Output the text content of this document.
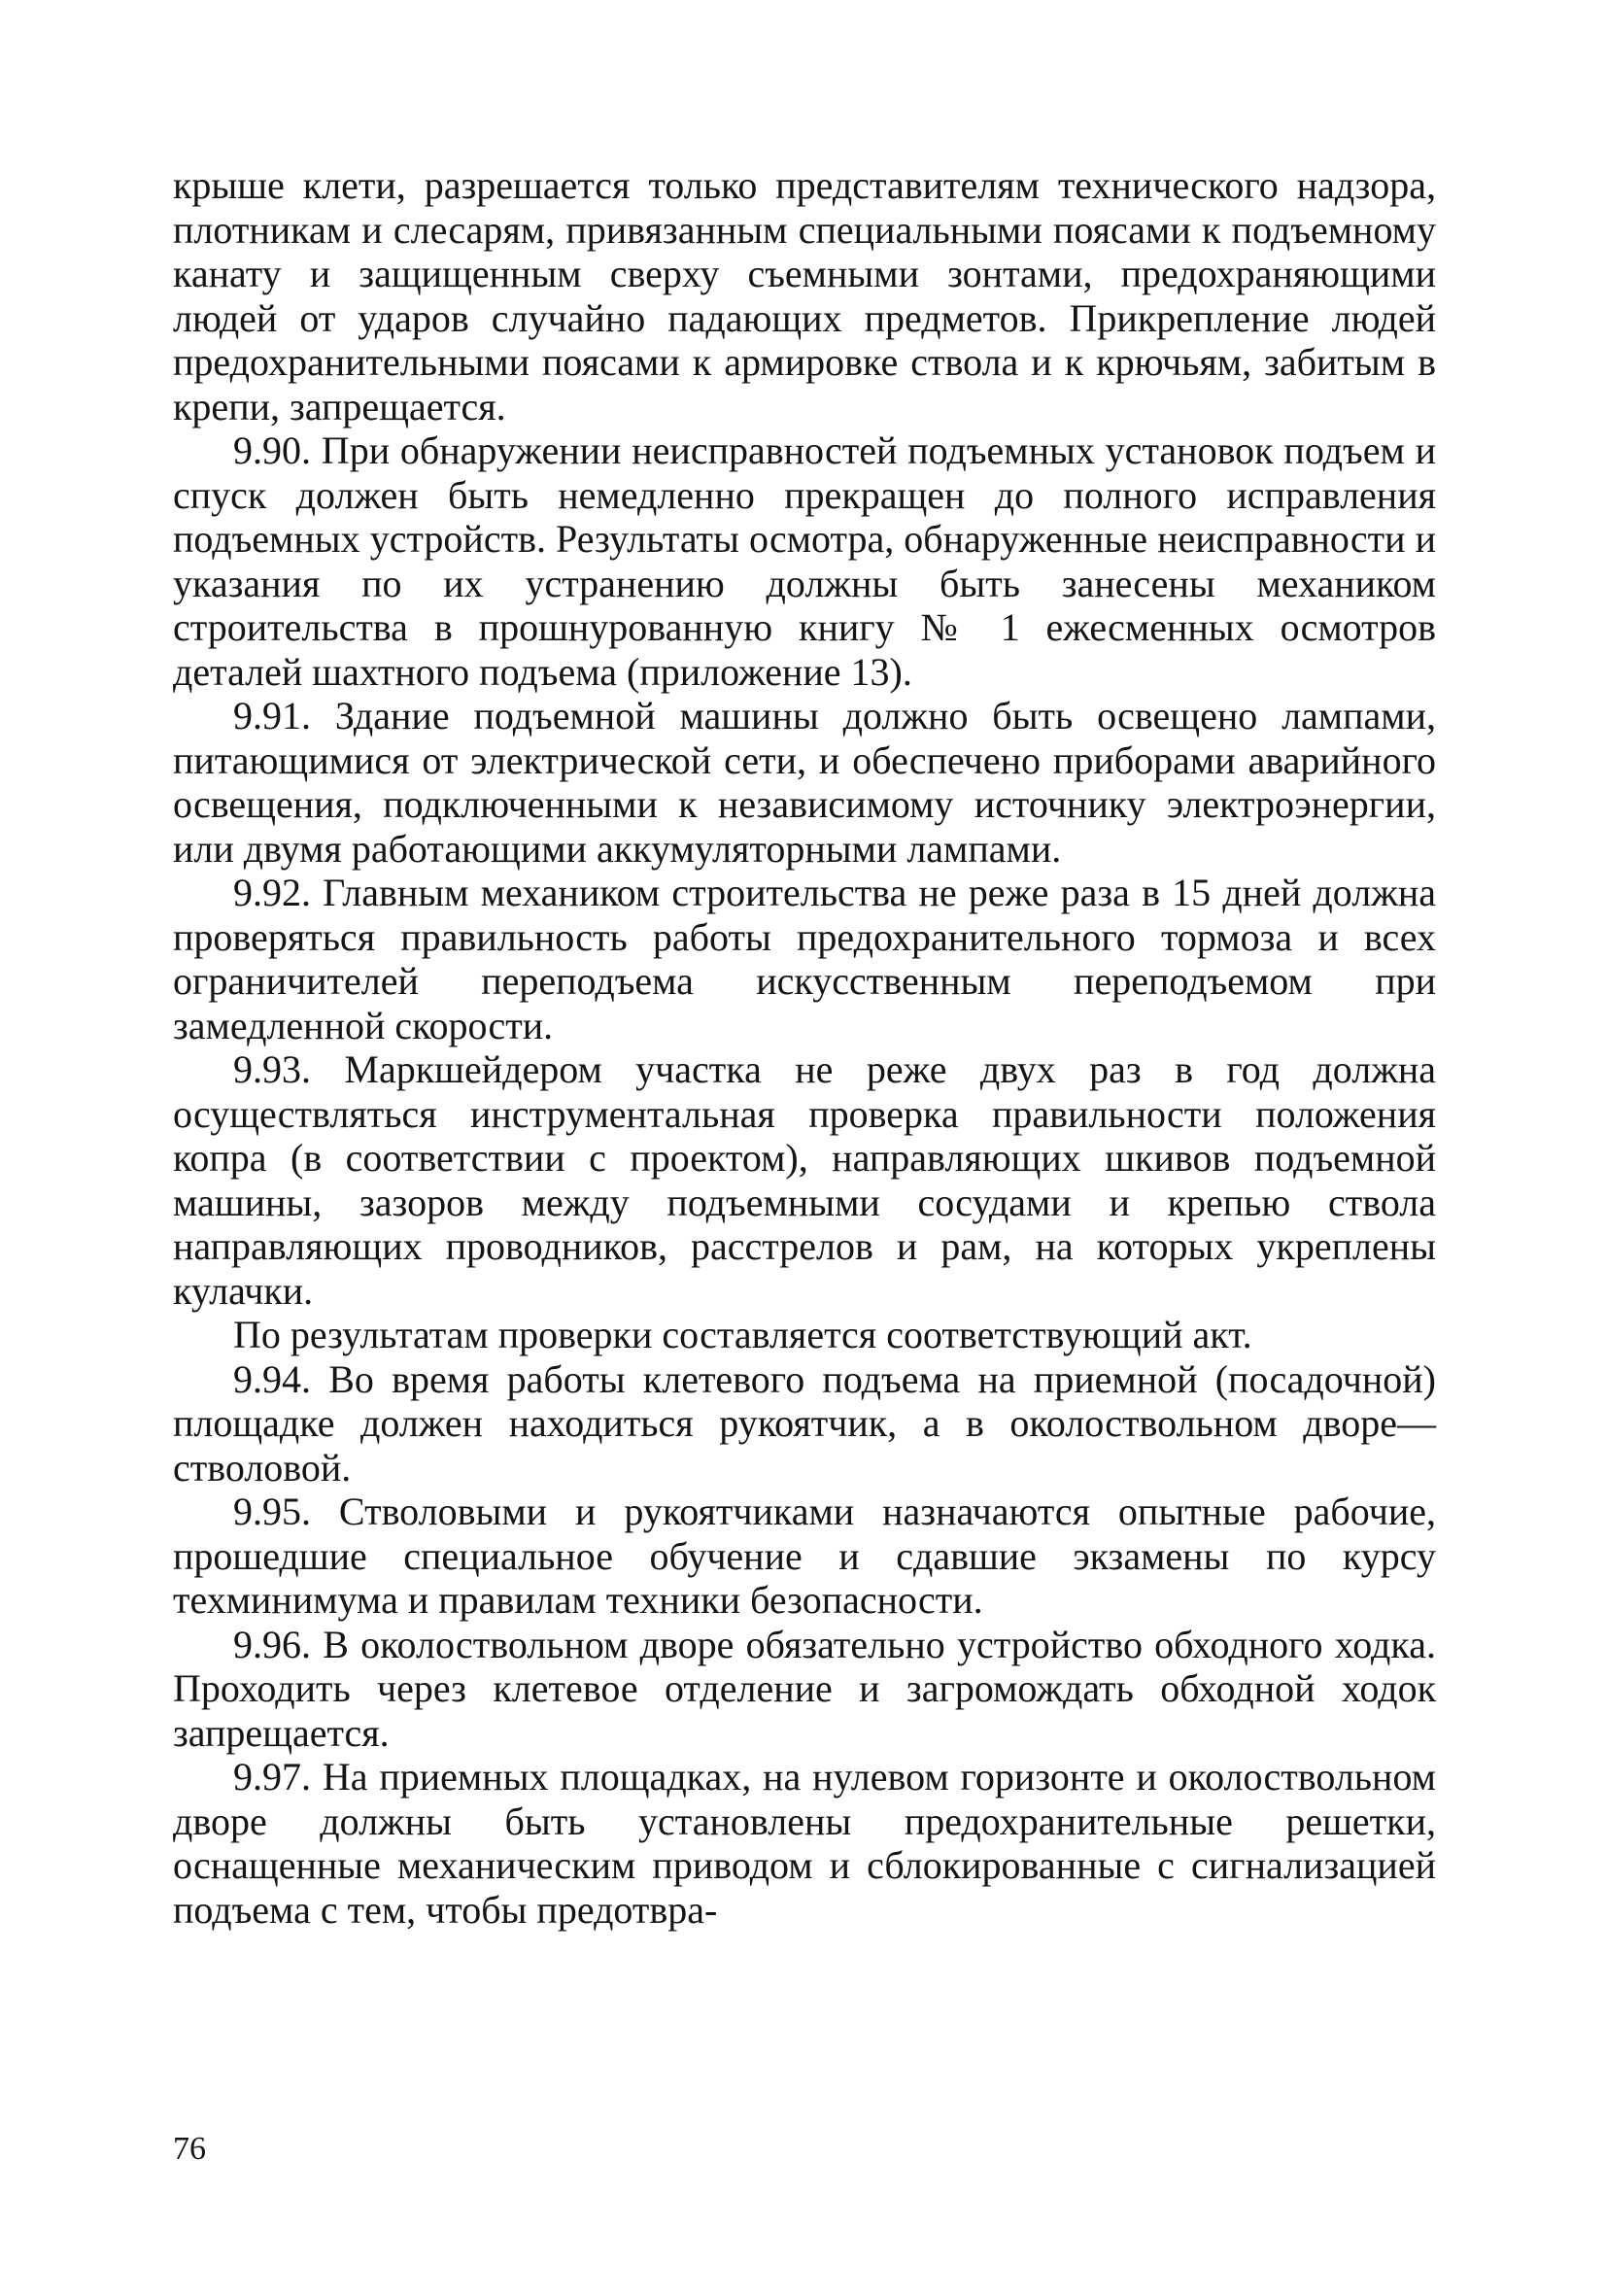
крыше клети, разрешается только представителям технического надзора, плотникам и слесарям, привязанным специальными поясами к подъемному канату и защищенным сверху съемными зонтами, предохраняющими людей от ударов случайно падающих предметов. Прикрепление людей предохранительными поясами к армировке ствола и к крючьям, забитым в крепи, запрещается.

9.90. При обнаружении неисправностей подъемных установок подъем и спуск должен быть немедленно прекращен до полного исправления подъемных устройств. Результаты осмотра, обнаруженные неисправности и указания по их устранению должны быть занесены механиком строительства в прошнурованную книгу № 1 ежесменных осмотров деталей шахтного подъема (приложение 13).

9.91. Здание подъемной машины должно быть освещено лампами, питающимися от электрической сети, и обеспечено приборами аварийного освещения, подключенными к независимому источнику электроэнергии, или двумя работающими аккумуляторными лампами.

9.92. Главным механиком строительства не реже раза в 15 дней должна проверяться правильность работы предохранительного тормоза и всех ограничителей переподъема искусственным переподъемом при замедленной скорости.

9.93. Маркшейдером участка не реже двух раз в год должна осуществляться инструментальная проверка правильности положения копра (в соответствии с проектом), направляющих шкивов подъемной машины, зазоров между подъемными сосудами и крепью ствола направляющих проводников, расстрелов и рам, на которых укреплены кулачки.

По результатам проверки составляется соответствующий акт.

9.94. Во время работы клетевого подъема на приемной (посадочной) площадке должен находиться рукоятчик, а в околоствольном дворе—стволовой.

9.95. Стволовыми и рукоятчиками назначаются опытные рабочие, прошедшие специальное обучение и сдавшие экзамены по курсу техминимума и правилам техники безопасности.

9.96. В околоствольном дворе обязательно устройство обходного ходка. Проходить через клетевое отделение и загромождать обходной ходок запрещается.

9.97. На приемных площадках, на нулевом горизонте и околоствольном дворе должны быть установлены предохранительные решетки, оснащенные механическим приводом и сблокированные с сигнализацией подъема с тем, чтобы предотвра-

76
